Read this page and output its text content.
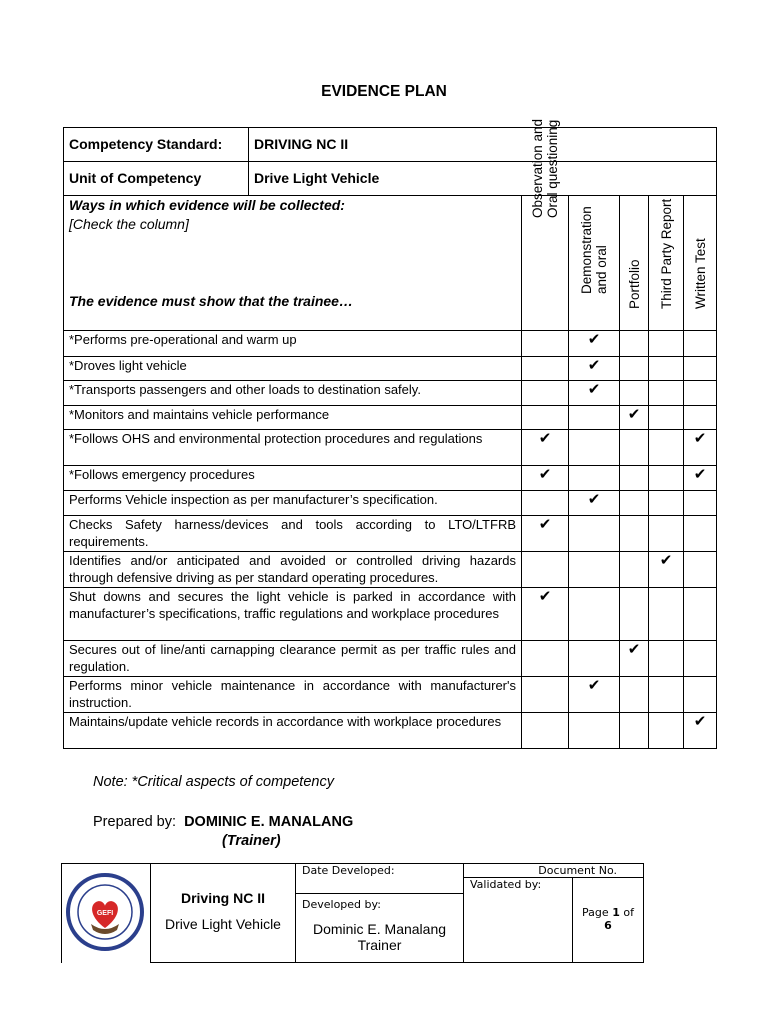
EVIDENCE PLAN
Competency Standard:	DRIVING NC II					
Unit of Competency	Drive Light Vehicle					

Ways in which evidence will be collected:
[Check the column]
The evidence must show that the trainee…		Observation and Oral questioning	Demonstration and oral	Portfolio	Third Party Report	Written Test

*Performs pre-operational and warm up			✔			
*Droves light vehicle			✔			
*Transports passengers and other loads to destination safely.			✔			
*Monitors and maintains vehicle performance				✔		
*Follows OHS and environmental protection procedures and regulations		✔				✔
*Follows emergency procedures		✔				✔
Performs Vehicle inspection as per manufacturer’s specification.			✔			
Checks Safety harness/devices and tools according to LTO/LTFRB requirements.		✔				
Identifies and/or anticipated and avoided or controlled driving hazards through defensive driving as per standard operating procedures.					✔	
Shut downs and secures the light vehicle is parked in accordance with manufacturer’s specifications, traffic regulations and workplace procedures		✔				
Secures out of line/anti carnapping clearance permit as per traffic rules and regulation.				✔		
Performs minor vehicle maintenance in accordance with manufacturer's instruction.			✔			
Maintains/update vehicle records in accordance with workplace procedures						✔
Note: *Critical aspects of competency
Prepared by: DOMINIC E. MANALANG
(Trainer)
GEFI
Driving NC II
Drive Light Vehicle
Date Developed:
Developed by:
Dominic E. Manalang
Trainer
Document No.
Validated by:
Page 1 of
6
